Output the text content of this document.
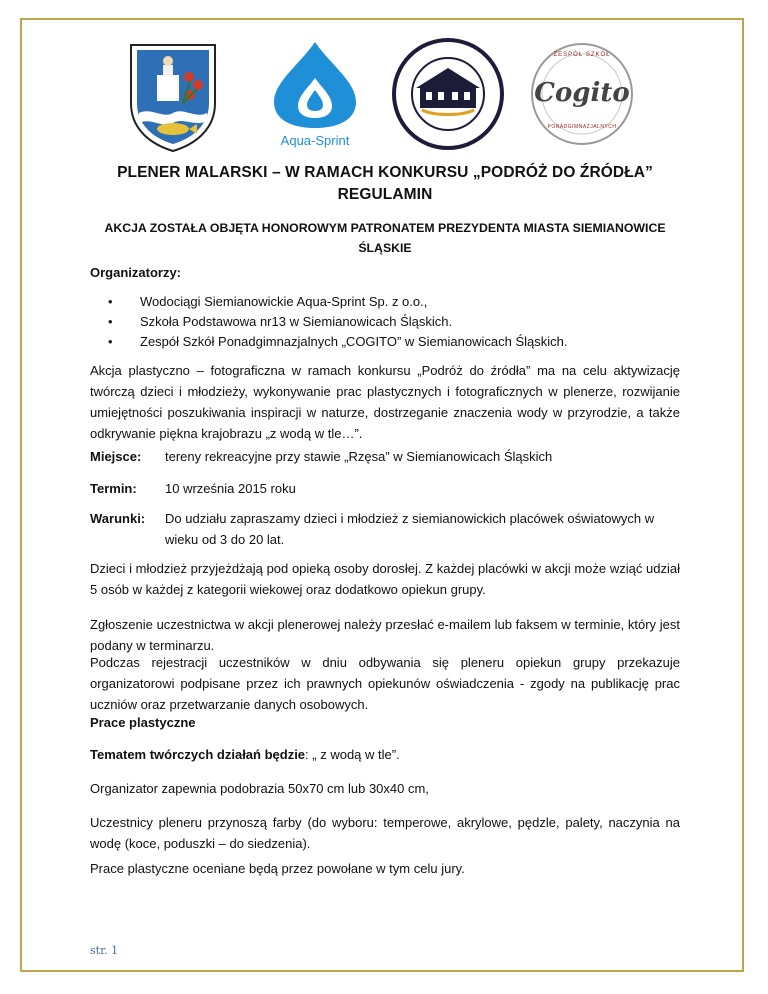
Aqua-Sprint
ZESPÓŁ SZKÓŁ
Cogito
PONADGIMNAZJALNYCH
PLENER MALARSKI – W RAMACH KONKURSU „PODRÓŻ DO ŹRÓDŁA”
REGULAMIN
AKCJA ZOSTAŁA OBJĘTA HONOROWYM PATRONATEM PREZYDENTA MIASTA SIEMIANOWICE
ŚLĄSKIE
Organizatorzy:
• Wodociągi Siemianowickie Aqua-Sprint Sp. z o.o.,
• Szkoła Podstawowa nr13 w Siemianowicach Śląskich.
• Zespół Szkół Ponadgimnazjalnych „COGITO” w Siemianowicach Śląskich.
Akcja plastyczno – fotograficzna w ramach konkursu „Podróż do źródła” ma na celu aktywizację twórczą dzieci i młodzieży, wykonywanie prac plastycznych i fotograficznych w plenerze, rozwijanie umiejętności poszukiwania inspiracji w naturze, dostrzeganie znaczenia wody w przyrodzie, a także odkrywanie piękna krajobrazu „z wodą w tle…”.
Miejsce: tereny rekreacyjne przy stawie „Rzęsa” w Siemianowicach Śląskich
Termin: 10 września 2015 roku
Warunki: Do udziału zapraszamy dzieci i młodzież z siemianowickich placówek oświatowych w wieku od 3 do 20 lat.
Dzieci i młodzież przyjeżdżają pod opieką osoby dorosłej. Z każdej placówki w akcji może wziąć udział 5 osób w każdej z kategorii wiekowej oraz dodatkowo opiekun grupy.
Zgłoszenie uczestnictwa w akcji plenerowej należy przesłać e-mailem lub faksem w terminie, który jest podany w terminarzu.
Podczas rejestracji uczestników w dniu odbywania się pleneru opiekun grupy przekazuje organizatorowi podpisane przez ich prawnych opiekunów oświadczenia - zgody na publikację prac uczniów oraz przetwarzanie danych osobowych.
Prace plastyczne
Tematem twórczych działań będzie: „ z wodą w tle”.
Organizator zapewnia podobrazia 50x70 cm lub 30x40 cm,
Uczestnicy pleneru przynoszą farby (do wyboru: temperowe, akrylowe, pędzle, palety, naczynia na wodę (koce, poduszki – do siedzenia).
Prace plastyczne oceniane będą przez powołane w tym celu jury.
str. 1
